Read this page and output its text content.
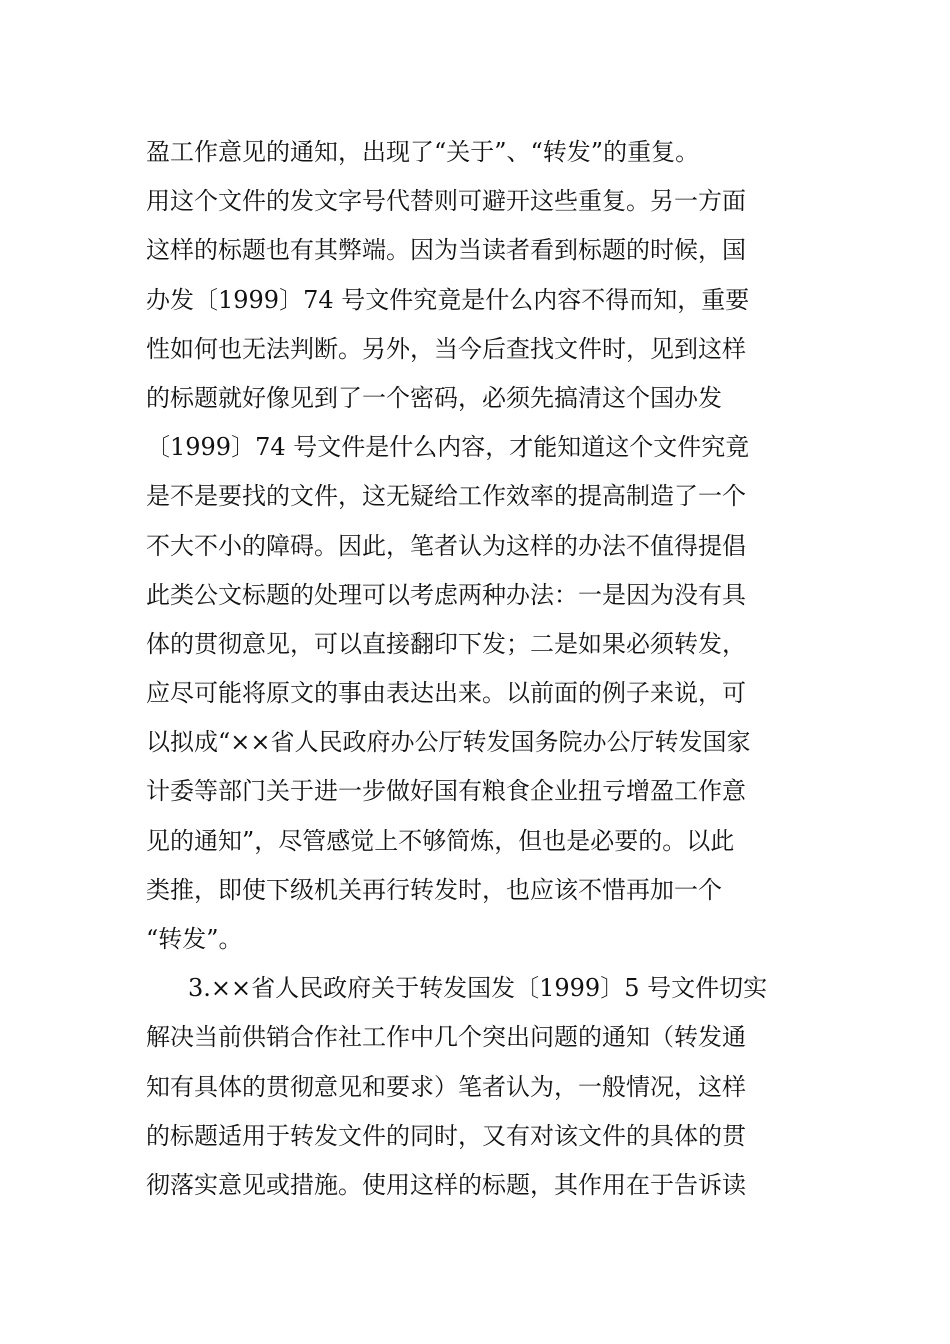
盈工作意见的通知，出现了“关于”、“转发”的重复。
用这个文件的发文字号代替则可避开这些重复。另一方面
这样的标题也有其弊端。因为当读者看到标题的时候，国
办发〔1999〕74 号文件究竟是什么内容不得而知，重要
性如何也无法判断。另外，当今后查找文件时，见到这样
的标题就好像见到了一个密码，必须先搞清这个国办发
〔1999〕74 号文件是什么内容，才能知道这个文件究竟
是不是要找的文件，这无疑给工作效率的提高制造了一个
不大不小的障碍。因此，笔者认为这样的办法不值得提倡
此类公文标题的处理可以考虑两种办法：一是因为没有具
体的贯彻意见，可以直接翻印下发；二是如果必须转发，
应尽可能将原文的事由表达出来。以前面的例子来说，可
以拟成“××省人民政府办公厅转发国务院办公厅转发国家
计委等部门关于进一步做好国有粮食企业扭亏增盈工作意
见的通知”，尽管感觉上不够简炼，但也是必要的。以此
类推，即使下级机关再行转发时，也应该不惜再加一个
“转发”。
3.××省人民政府关于转发国发〔1999〕5 号文件切实
解决当前供销合作社工作中几个突出问题的通知（转发通
知有具体的贯彻意见和要求）笔者认为，一般情况，这样
的标题适用于转发文件的同时，又有对该文件的具体的贯
彻落实意见或措施。使用这样的标题，其作用在于告诉读
